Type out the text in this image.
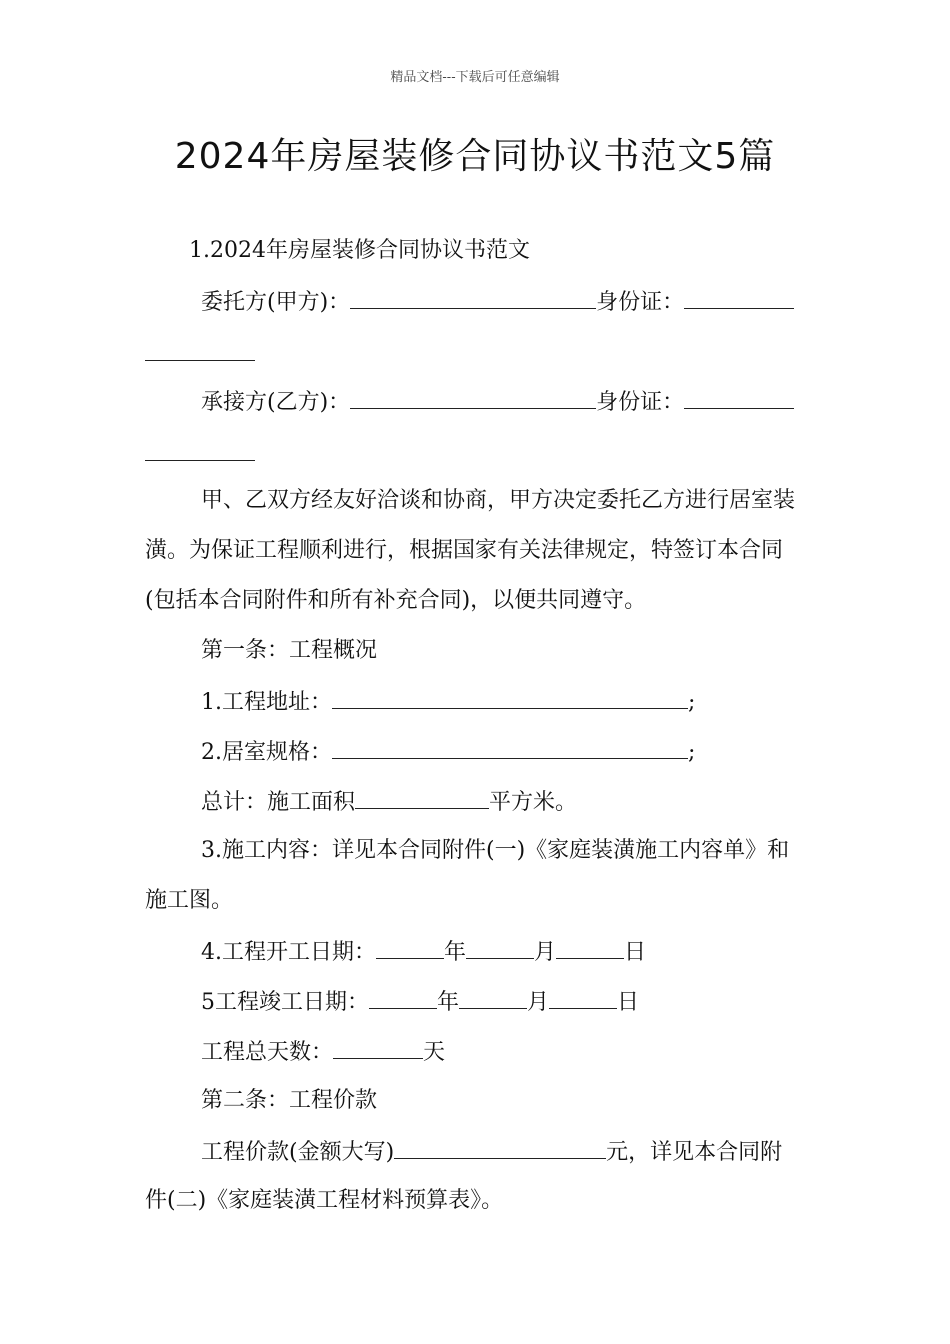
精品文档---下载后可任意编辑
2024年房屋装修合同协议书范文5篇
1.2024年房屋装修合同协议书范文
委托方(甲方)：	身份证：
承接方(乙方)：	身份证：
甲、乙双方经友好洽谈和协商，甲方决定委托乙方进行居室装
潢。为保证工程顺利进行，根据国家有关法律规定，特签订本合同
(包括本合同附件和所有补充合同)，以便共同遵守。
第一条：工程概况
1.工程地址：	;
2.居室规格：	;
总计：施工面积	平方米。
3.施工内容：详见本合同附件(一)《家庭装潢施工内容单》和
施工图。
4.工程开工日期：	年	月	日
5工程竣工日期：	年	月	日
工程总天数：	天
第二条：工程价款
工程价款(金额大写)	元，详见本合同附
件(二)《家庭装潢工程材料预算表》。
